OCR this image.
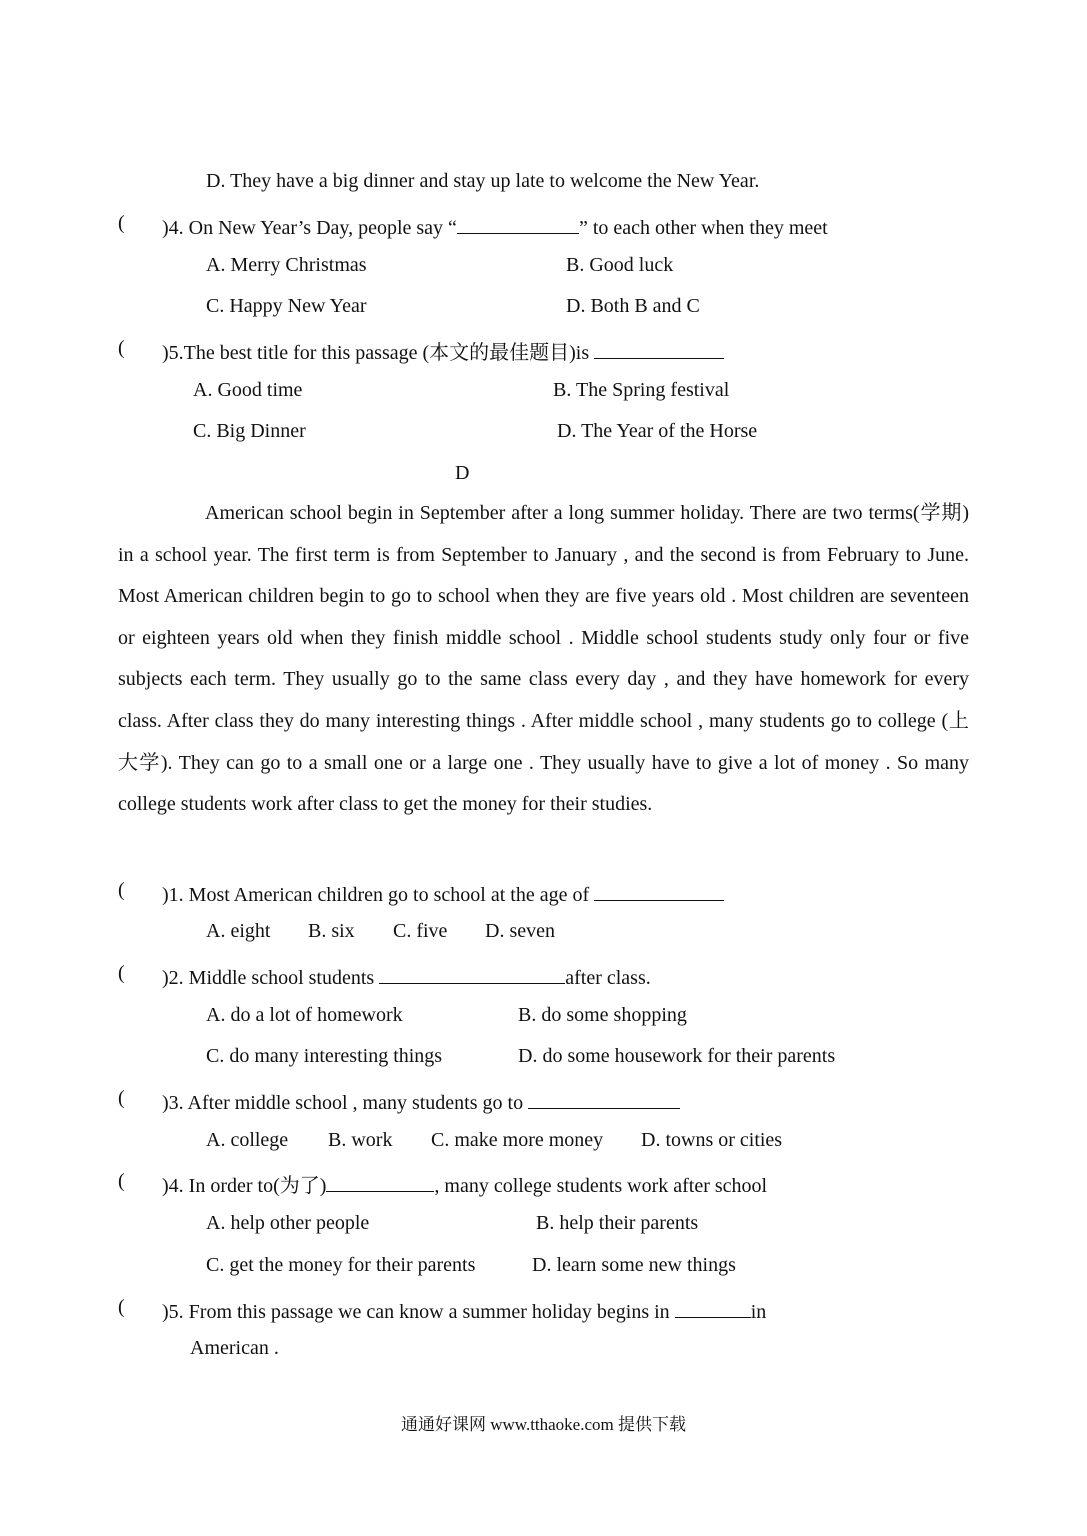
D. They have a big dinner and stay up late to welcome the New Year.
( )4. On New Year’s Day, people say “	” to each other when they meet
A. Merry Christmas	B. Good luck
C. Happy New Year	D. Both B and C
( )5.The best title for this passage (本文的最佳题目)is
A. Good time	B. The Spring festival
C. Big Dinner	D. The Year of the Horse
D
American school begin in September after a long summer holiday. There are two terms(学期) in a school year. The first term is from September to January , and the second is from February to June. Most American children begin to go to school when they are five years old . Most children are seventeen or eighteen years old when they finish middle school . Middle school students study only four or five subjects each term. They usually go to the same class every day , and they have homework for every class. After class they do many interesting things . After middle school , many students go to college (上大学). They can go to a small one or a large one . They usually have to give a lot of money . So many college students work after class to get the money for their studies.
( )1. Most American children go to school at the age of
A. eight B. six C. five D. seven
( )2. Middle school students	after class.
A. do a lot of homework	B. do some shopping
C. do many interesting things	D. do some housework for their parents
( )3. After middle school , many students go to
A. college B. work C. make more money D. towns or cities
( )4. In order to(为了)	, many college students work after school
A. help other people	B. help their parents
C. get the money for their parents	D. learn some new things
( )5. From this passage we can know a summer holiday begins in	in
American .
通通好课网 www.tthaoke.com 提供下载
